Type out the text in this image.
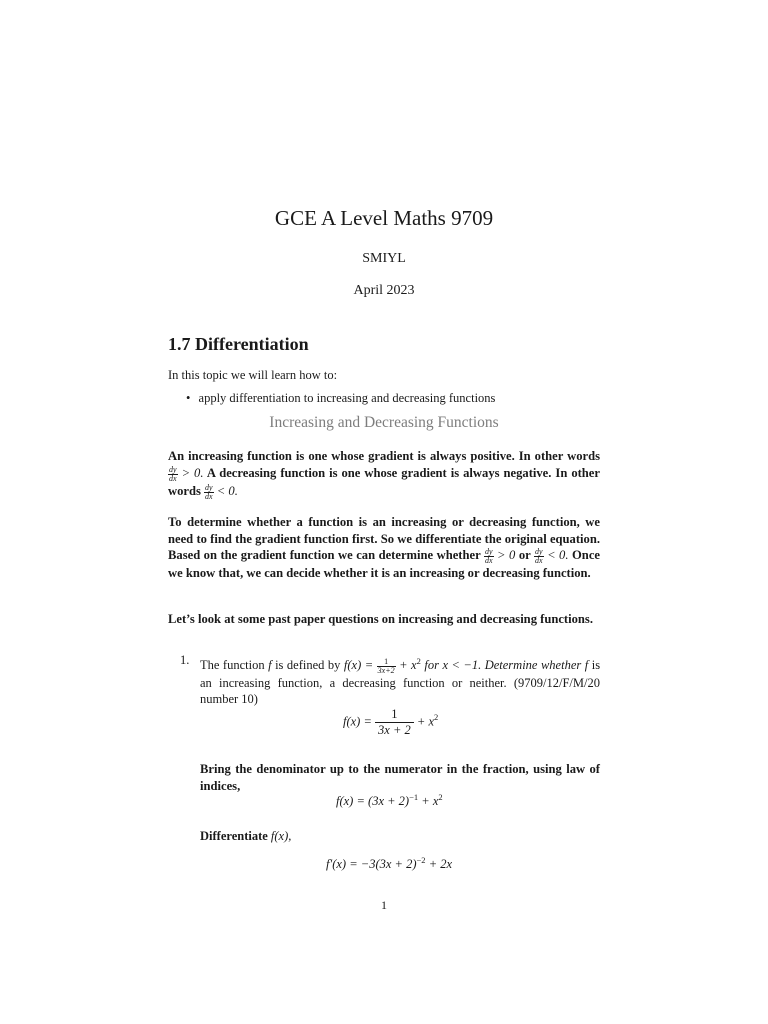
GCE A Level Maths 9709
SMIYL
April 2023
1.7 Differentiation
In this topic we will learn how to:
• apply differentiation to increasing and decreasing functions
Increasing and Decreasing Functions
An increasing function is one whose gradient is always positive. In other words
$\frac{dy}{dx} > 0$. A decreasing function is one whose gradient is always negative. In other words $\frac{dy}{dx} < 0$.
To determine whether a function is an increasing or decreasing function, we need to find the gradient function first. So we differentiate the original equation. Based on the gradient function we can determine whether $\frac{dy}{dx} > 0$ or $\frac{dy}{dx} < 0$. Once we know that, we can decide whether it is an increasing or decreasing function.
Let’s look at some past paper questions on increasing and decreasing functions.
1. The function f is defined by $f(x) = \frac{1}{3x+2} + x^2$ for x < −1. Determine whether f is an increasing function, a decreasing function or neither. (9709/12/F/M/20 number 10)
$f(x) = \frac{1}{3x + 2} + x^2$
Bring the denominator up to the numerator in the fraction, using law of indices,
$f(x) = (3x + 2)^{-1} + x^2$
Differentiate f(x),
$f'(x) = -3(3x + 2)^{-2} + 2x$
1
